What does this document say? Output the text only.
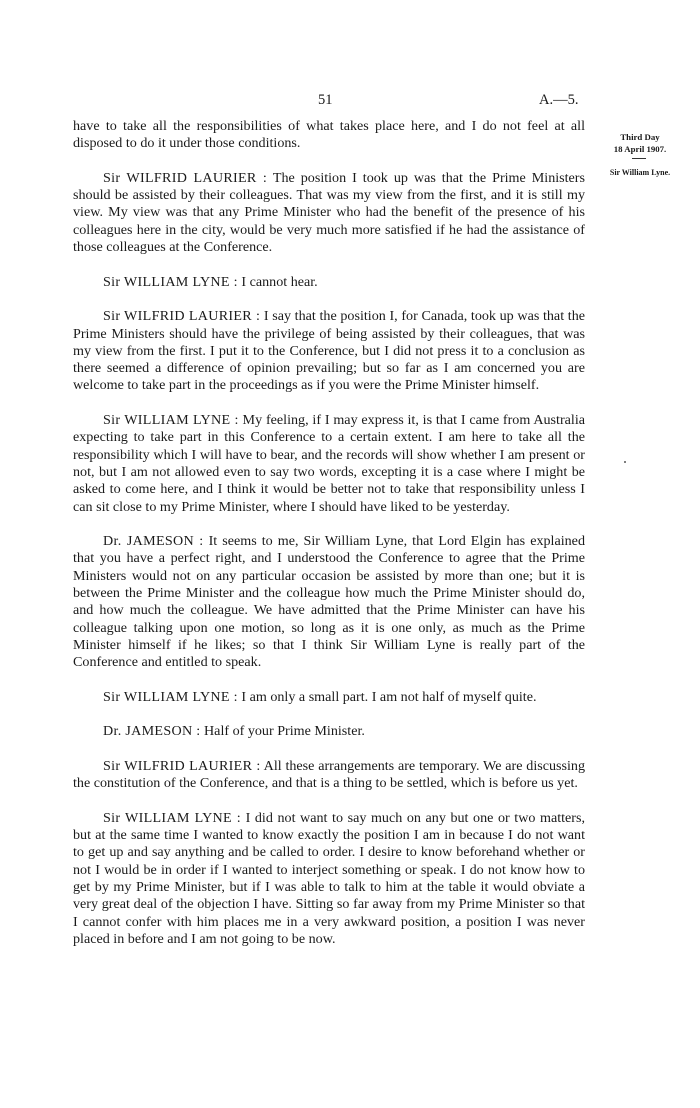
51	A.—5.
Third Day
18 April 1907.
Sir William Lyne.

have to take all the responsibilities of what takes place here, and I do not feel at all disposed to do it under those conditions.

Sir WILFRID LAURIER : The position I took up was that the Prime Ministers should be assisted by their colleagues. That was my view from the first, and it is still my view. My view was that any Prime Minister who had the benefit of the presence of his colleagues here in the city, would be very much more satisfied if he had the assistance of those colleagues at the Conference.

Sir WILLIAM LYNE : I cannot hear.

Sir WILFRID LAURIER : I say that the position I, for Canada, took up was that the Prime Ministers should have the privilege of being assisted by their colleagues, that was my view from the first. I put it to the Conference, but I did not press it to a conclusion as there seemed a difference of opinion prevailing; but so far as I am concerned you are welcome to take part in the proceedings as if you were the Prime Minister himself.

Sir WILLIAM LYNE : My feeling, if I may express it, is that I came from Australia expecting to take part in this Conference to a certain extent. I am here to take all the responsibility which I will have to bear, and the records will show whether I am present or not, but I am not allowed even to say two words, excepting it is a case where I might be asked to come here, and I think it would be better not to take that responsibility unless I can sit close to my Prime Minister, where I should have liked to be yesterday.

Dr. JAMESON : It seems to me, Sir William Lyne, that Lord Elgin has explained that you have a perfect right, and I understood the Conference to agree that the Prime Ministers would not on any particular occasion be assisted by more than one; but it is between the Prime Minister and the colleague how much the Prime Minister should do, and how much the colleague. We have admitted that the Prime Minister can have his colleague talking upon one motion, so long as it is one only, as much as the Prime Minister himself if he likes; so that I think Sir William Lyne is really part of the Conference and entitled to speak.

Sir WILLIAM LYNE : I am only a small part. I am not half of myself quite.

Dr. JAMESON : Half of your Prime Minister.

Sir WILFRID LAURIER : All these arrangements are temporary. We are discussing the constitution of the Conference, and that is a thing to be settled, which is before us yet.

Sir WILLIAM LYNE : I did not want to say much on any but one or two matters, but at the same time I wanted to know exactly the position I am in because I do not want to get up and say anything and be called to order. I desire to know beforehand whether or not I would be in order if I wanted to interject something or speak. I do not know how to get by my Prime Minister, but if I was able to talk to him at the table it would obviate a very great deal of the objection I have. Sitting so far away from my Prime Minister so that I cannot confer with him places me in a very awkward position, a position I was never placed in before and I am not going to be now.
